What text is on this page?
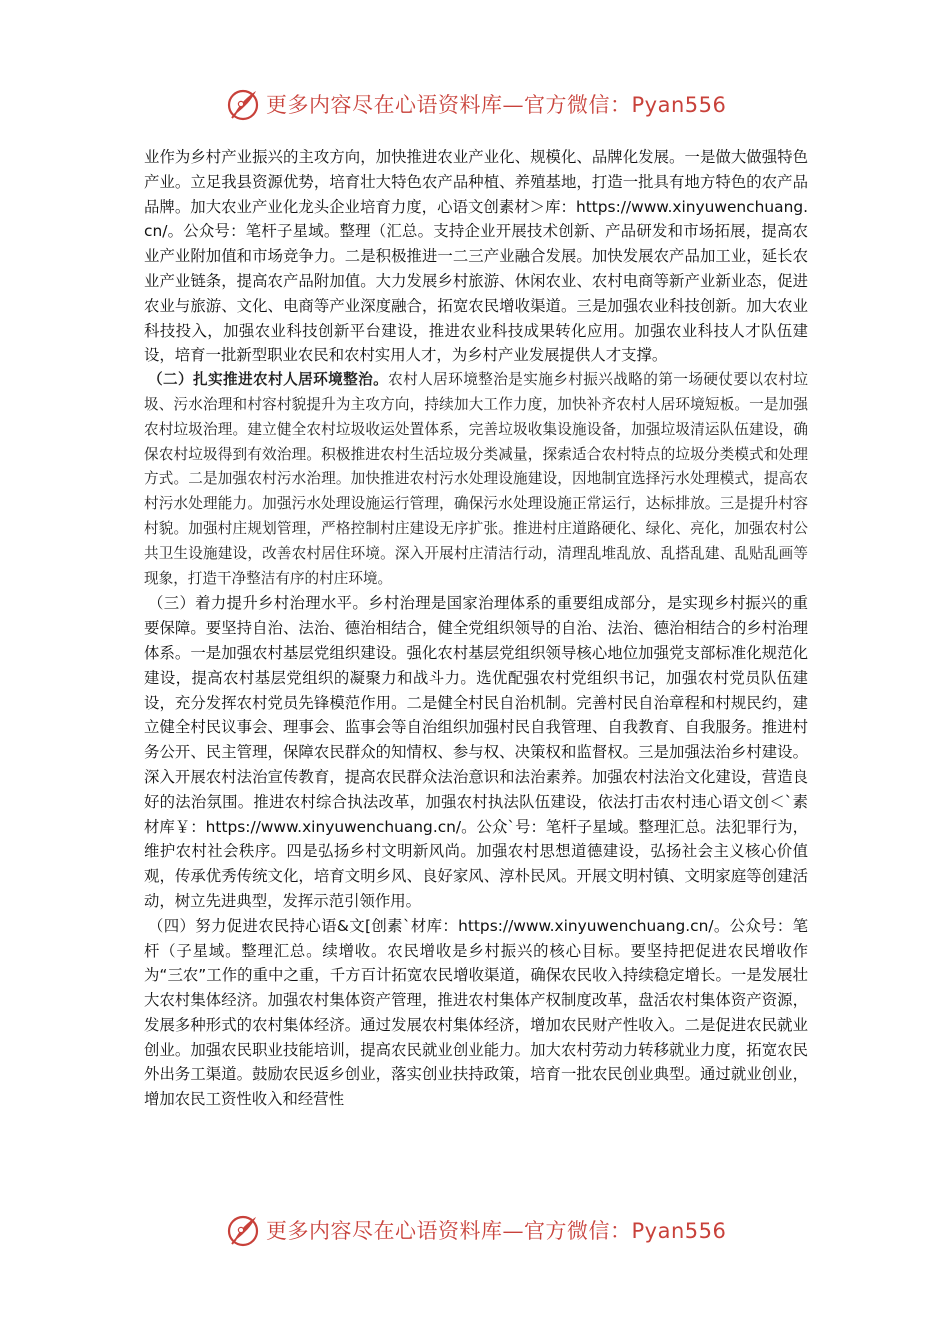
更多内容尽在心语资料库—官方微信：Pyan556

业作为乡村产业振兴的主攻方向，加快推进农业产业化、规模化、品牌化发展。一是做大做强特色产业。立足我县资源优势，培育壮大特色农产品种植、养殖基地，打造一批具有地方特色的农产品品牌。加大农业产业化龙头企业培育力度，心语文创素材＞库：https://www.xinyuwenchuang.cn/。公众号：笔杆子星域。整理（汇总。支持企业开展技术创新、产品研发和市场拓展，提高农业产业附加值和市场竞争力。二是积极推进一二三产业融合发展。加快发展农产品加工业，延长农业产业链条，提高农产品附加值。大力发展乡村旅游、休闲农业、农村电商等新产业新业态，促进农业与旅游、文化、电商等产业深度融合，拓宽农民增收渠道。三是加强农业科技创新。加大农业科技投入，加强农业科技创新平台建设，推进农业科技成果转化应用。加强农业科技人才队伍建设，培育一批新型职业农民和农村实用人才，为乡村产业发展提供人才支撑。

（二）扎实推进农村人居环境整治。农村人居环境整治是实施乡村振兴战略的第一场硬仗要以农村垃圾、污水治理和村容村貌提升为主攻方向，持续加大工作力度，加快补齐农村人居环境短板。一是加强农村垃圾治理。建立健全农村垃圾收运处置体系，完善垃圾收集设施设备，加强垃圾清运队伍建设，确保农村垃圾得到有效治理。积极推进农村生活垃圾分类减量，探索适合农村特点的垃圾分类模式和处理方式。二是加强农村污水治理。加快推进农村污水处理设施建设，因地制宜选择污水处理模式，提高农村污水处理能力。加强污水处理设施运行管理，确保污水处理设施正常运行，达标排放。三是提升村容村貌。加强村庄规划管理，严格控制村庄建设无序扩张。推进村庄道路硬化、绿化、亮化，加强农村公共卫生设施建设，改善农村居住环境。深入开展村庄清洁行动，清理乱堆乱放、乱搭乱建、乱贴乱画等现象，打造干净整洁有序的村庄环境。

（三）着力提升乡村治理水平。乡村治理是国家治理体系的重要组成部分，是实现乡村振兴的重要保障。要坚持自治、法治、德治相结合，健全党组织领导的自治、法治、德治相结合的乡村治理体系。一是加强农村基层党组织建设。强化农村基层党组织领导核心地位加强党支部标准化规范化建设，提高农村基层党组织的凝聚力和战斗力。选优配强农村党组织书记，加强农村党员队伍建设，充分发挥农村党员先锋模范作用。二是健全村民自治机制。完善村民自治章程和村规民约，建立健全村民议事会、理事会、监事会等自治组织加强村民自我管理、自我教育、自我服务。推进村务公开、民主管理，保障农民群众的知情权、参与权、决策权和监督权。三是加强法治乡村建设。深入开展农村法治宣传教育，提高农民群众法治意识和法治素养。加强农村法治文化建设，营造良好的法治氛围。推进农村综合执法改革，加强农村执法队伍建设，依法打击农村违心语文创＜`素材库￥：https://www.xinyuwenchuang.cn/。公众`号：笔杆子星域。整理汇总。法犯罪行为，维护农村社会秩序。四是弘扬乡村文明新风尚。加强农村思想道德建设，弘扬社会主义核心价值观，传承优秀传统文化，培育文明乡风、良好家风、淳朴民风。开展文明村镇、文明家庭等创建活动，树立先进典型，发挥示范引领作用。

（四）努力促进农民持心语&文[创素`材库：https://www.xinyuwenchuang.cn/。公众号：笔杆（子星域。整理汇总。续增收。农民增收是乡村振兴的核心目标。要坚持把促进农民增收作为“三农”工作的重中之重，千方百计拓宽农民增收渠道，确保农民收入持续稳定增长。一是发展壮大农村集体经济。加强农村集体资产管理，推进农村集体产权制度改革，盘活农村集体资产资源，发展多种形式的农村集体经济。通过发展农村集体经济，增加农民财产性收入。二是促进农民就业创业。加强农民职业技能培训，提高农民就业创业能力。加大农村劳动力转移就业力度，拓宽农民外出务工渠道。鼓励农民返乡创业，落实创业扶持政策，培育一批农民创业典型。通过就业创业，增加农民工资性收入和经营性

更多内容尽在心语资料库—官方微信：Pyan556
